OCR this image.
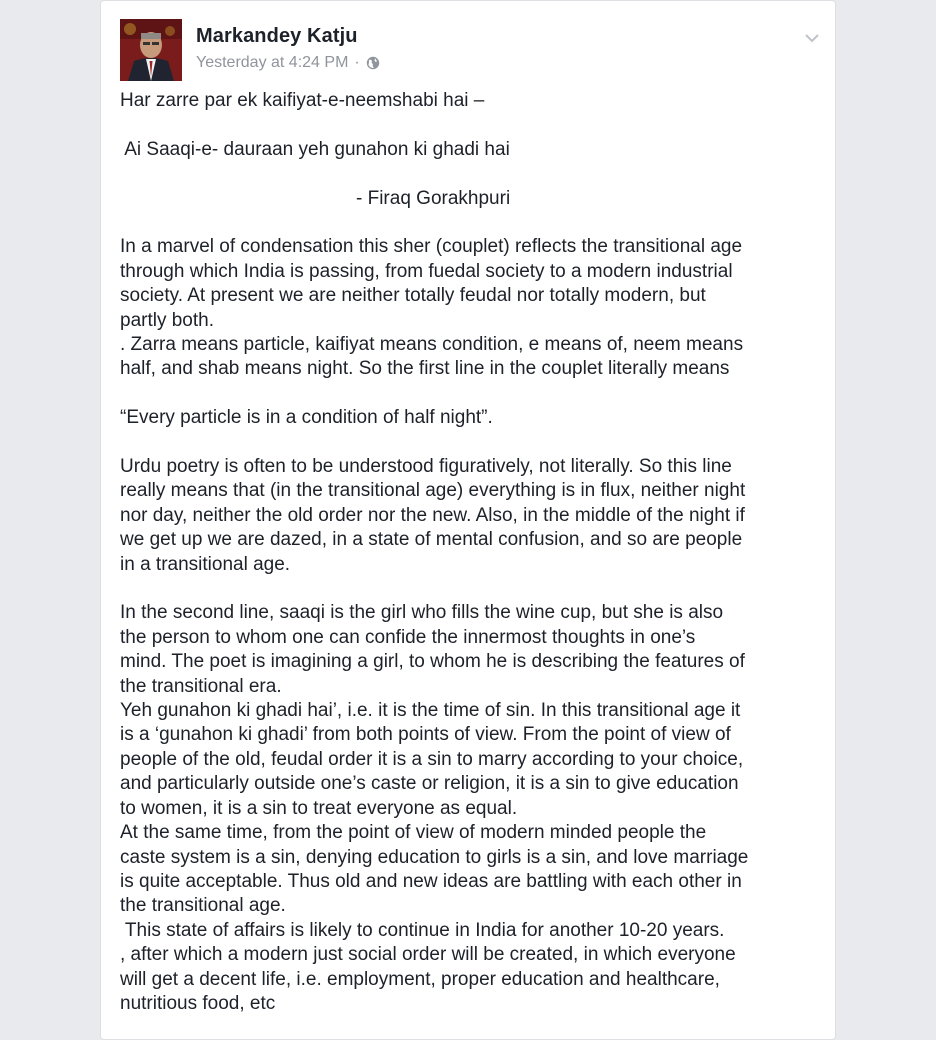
Markandey Katju
Yesterday at 4:24 PM ·

Har zarre par ek kaifiyat-e-neemshabi hai –

Ai Saaqi-e- dauraan yeh gunahon ki ghadi hai

- Firaq Gorakhpuri

In a marvel of condensation this sher (couplet) reflects the transitional age

through which India is passing, from fuedal society to a modern industrial

society. At present we are neither totally feudal nor totally modern, but

partly both.

. Zarra means particle, kaifiyat means condition, e means of, neem means

half, and shab means night. So the first line in the couplet literally means

“Every particle is in a condition of half night”.

Urdu poetry is often to be understood figuratively, not literally. So this line

really means that (in the transitional age) everything is in flux, neither night

nor day, neither the old order nor the new. Also, in the middle of the night if

we get up we are dazed, in a state of mental confusion, and so are people

in a transitional age.

In the second line, saaqi is the girl who fills the wine cup, but she is also

the person to whom one can confide the innermost thoughts in one’s

mind. The poet is imagining a girl, to whom he is describing the features of

the transitional era.

Yeh gunahon ki ghadi hai’, i.e. it is the time of sin. In this transitional age it

is a ‘gunahon ki ghadi’ from both points of view. From the point of view of

people of the old, feudal order it is a sin to marry according to your choice,

and particularly outside one’s caste or religion, it is a sin to give education

to women, it is a sin to treat everyone as equal.

At the same time, from the point of view of modern minded people the

caste system is a sin, denying education to girls is a sin, and love marriage

is quite acceptable. Thus old and new ideas are battling with each other in

the transitional age.

This state of affairs is likely to continue in India for another 10-20 years.

, after which a modern just social order will be created, in which everyone

will get a decent life, i.e. employment, proper education and healthcare,

nutritious food, etc
